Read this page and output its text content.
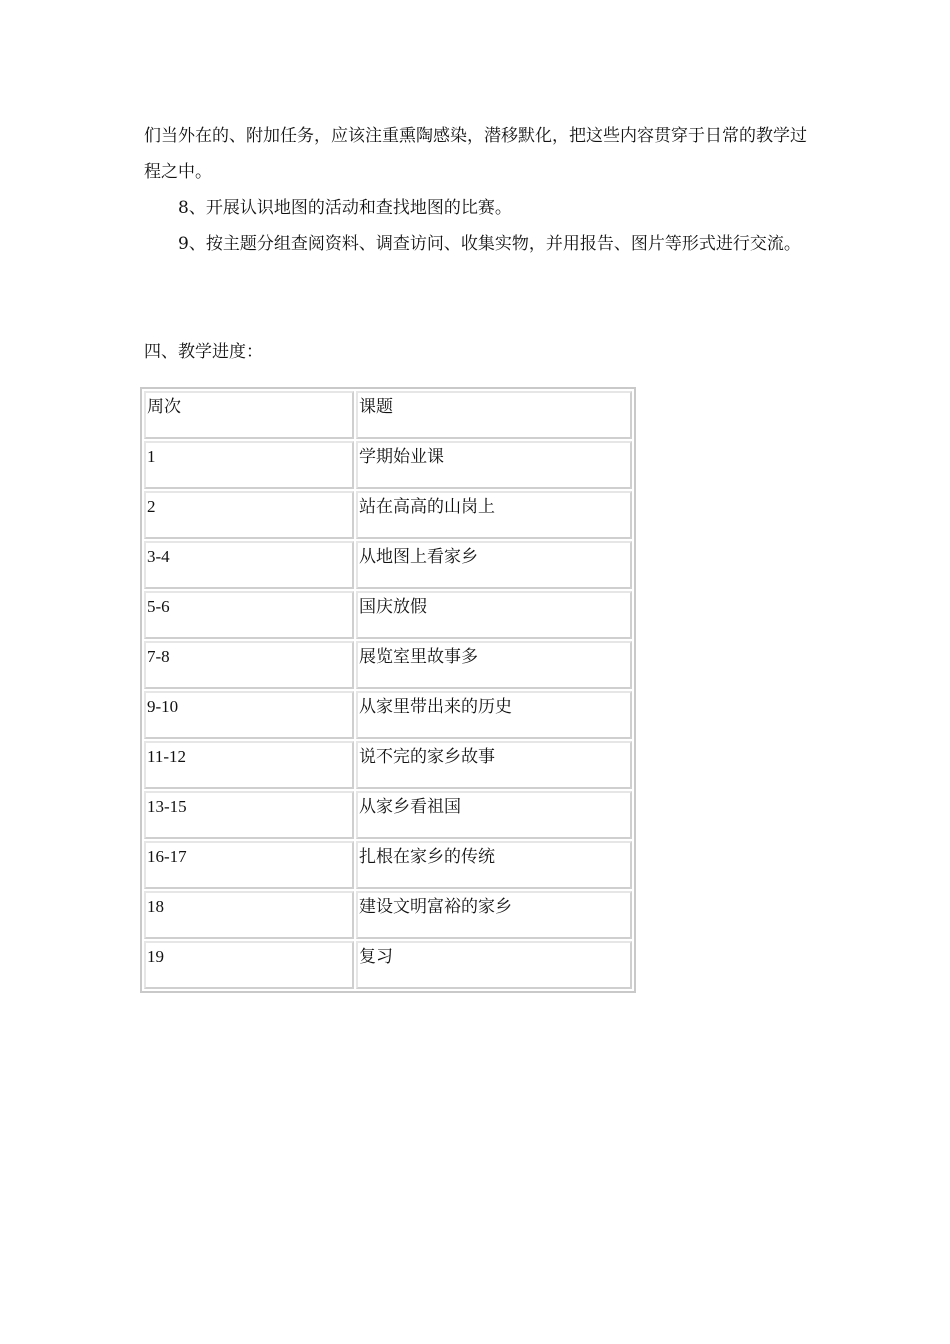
们当外在的、附加任务，应该注重熏陶感染，潜移默化，把这些内容贯穿于日常的教学过程之中。

8、开展认识地图的活动和查找地图的比赛。

9、按主题分组查阅资料、调查访问、收集实物，并用报告、图片等形式进行交流。

四、教学进度：

周次	课题
1	学期始业课
2	站在高高的山岗上
3-4	从地图上看家乡
5-6	国庆放假
7-8	展览室里故事多
9-10	从家里带出来的历史
11-12	说不完的家乡故事
13-15	从家乡看祖国
16-17	扎根在家乡的传统
18	建设文明富裕的家乡
19	复习
